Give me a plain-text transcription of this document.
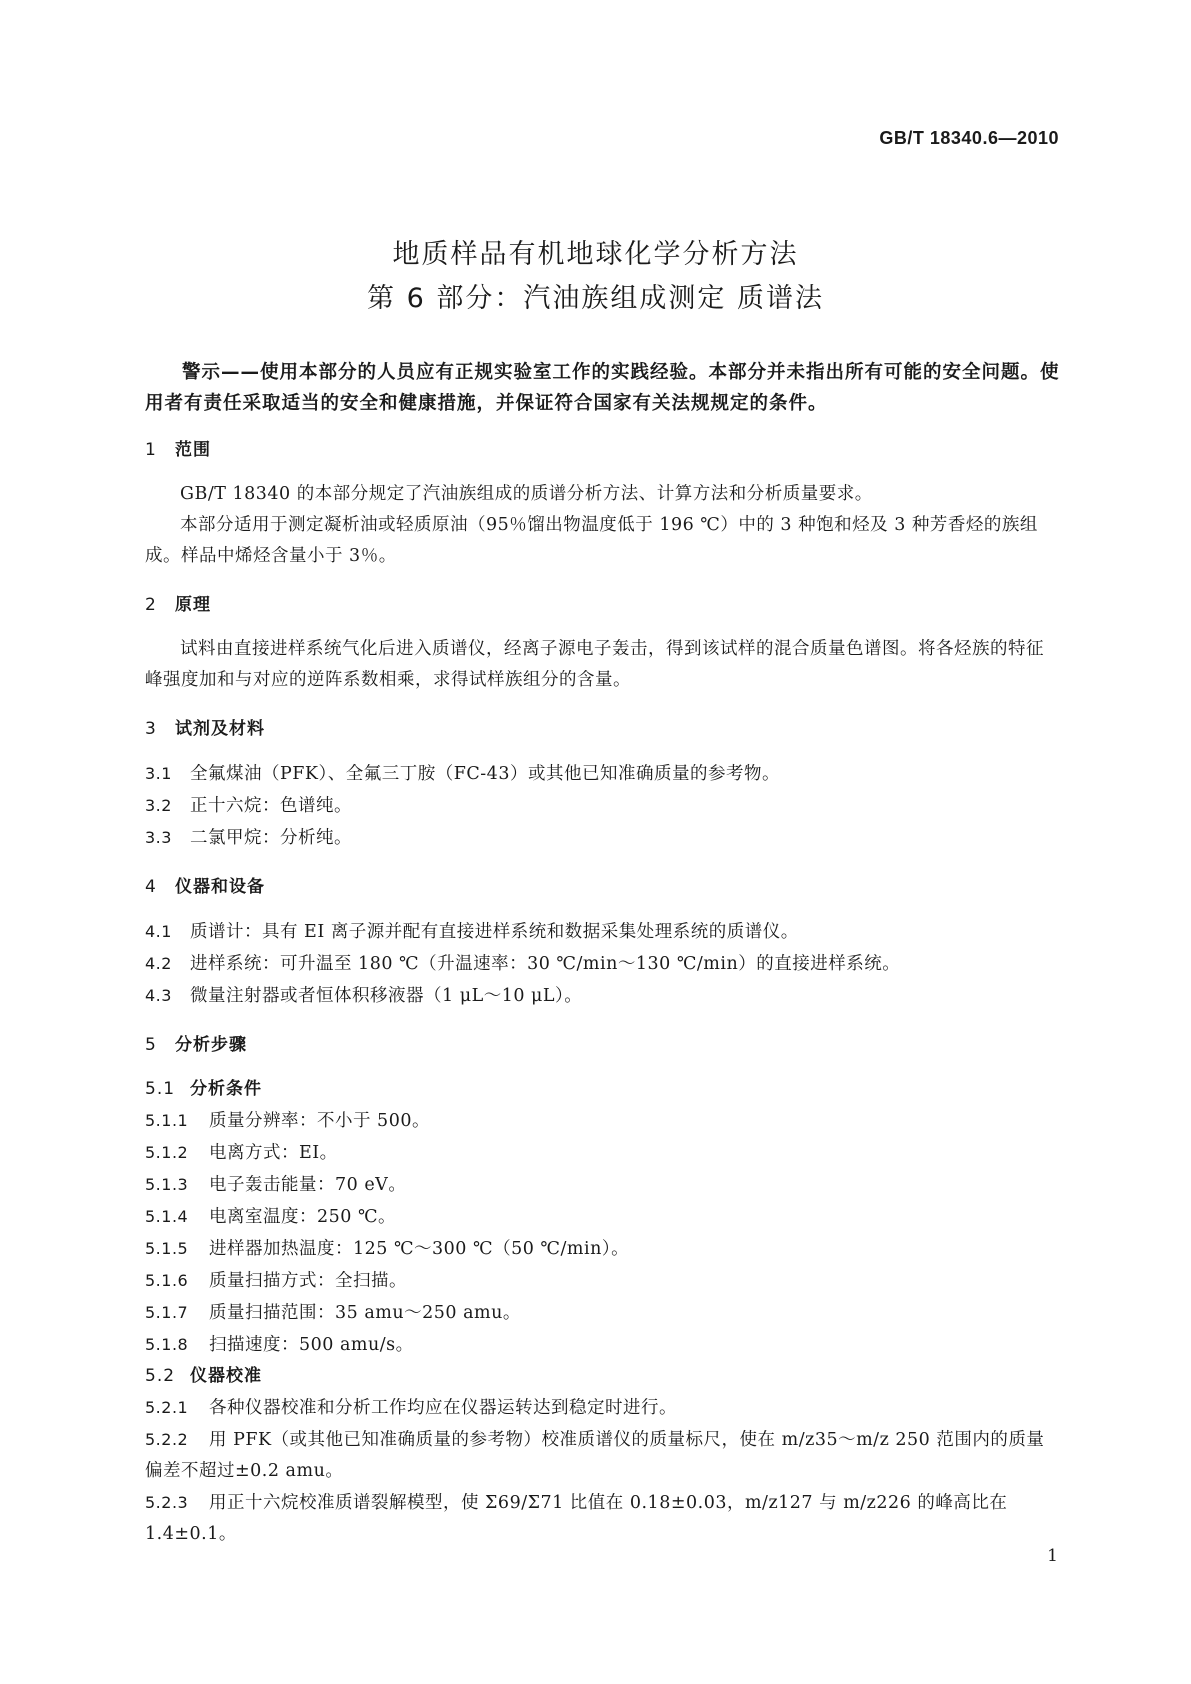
GB/T 18340.6—2010
地质样品有机地球化学分析方法
第 6 部分：汽油族组成测定 质谱法

警示——使用本部分的人员应有正规实验室工作的实践经验。本部分并未指出所有可能的安全问题。使用者有责任采取适当的安全和健康措施，并保证符合国家有关法规规定的条件。

1 范围

GB/T 18340 的本部分规定了汽油族组成的质谱分析方法、计算方法和分析质量要求。

本部分适用于测定凝析油或轻质原油（95％馏出物温度低于 196 ℃）中的 3 种饱和烃及 3 种芳香烃的族组成。样品中烯烃含量小于 3％。

2 原理

试料由直接进样系统气化后进入质谱仪，经离子源电子轰击，得到该试样的混合质量色谱图。将各烃族的特征峰强度加和与对应的逆阵系数相乘，求得试样族组分的含量。

3 试剂及材料

3.1 全氟煤油（PFK）、全氟三丁胺（FC-43）或其他已知准确质量的参考物。

3.2 正十六烷：色谱纯。

3.3 二氯甲烷：分析纯。

4 仪器和设备

4.1 质谱计：具有 EI 离子源并配有直接进样系统和数据采集处理系统的质谱仪。

4.2 进样系统：可升温至 180 ℃（升温速率：30 ℃/min～130 ℃/min）的直接进样系统。

4.3 微量注射器或者恒体积移液器（1 μL～10 μL）。

5 分析步骤
5.1 分析条件

5.1.1 质量分辨率：不小于 500。

5.1.2 电离方式：EI。

5.1.3 电子轰击能量：70 eV。

5.1.4 电离室温度：250 ℃。

5.1.5 进样器加热温度：125 ℃～300 ℃（50 ℃/min）。

5.1.6 质量扫描方式：全扫描。

5.1.7 质量扫描范围：35 amu～250 amu。

5.1.8 扫描速度：500 amu/s。

5.2 仪器校准

5.2.1 各种仪器校准和分析工作均应在仪器运转达到稳定时进行。

5.2.2 用 PFK（或其他已知准确质量的参考物）校准质谱仪的质量标尺，使在 m/z35～m/z 250 范围内的质量偏差不超过±0.2 amu。

5.2.3 用正十六烷校准质谱裂解模型，使 Σ69/Σ71 比值在 0.18±0.03，m/z127 与 m/z226 的峰高比在 1.4±0.1。

1
